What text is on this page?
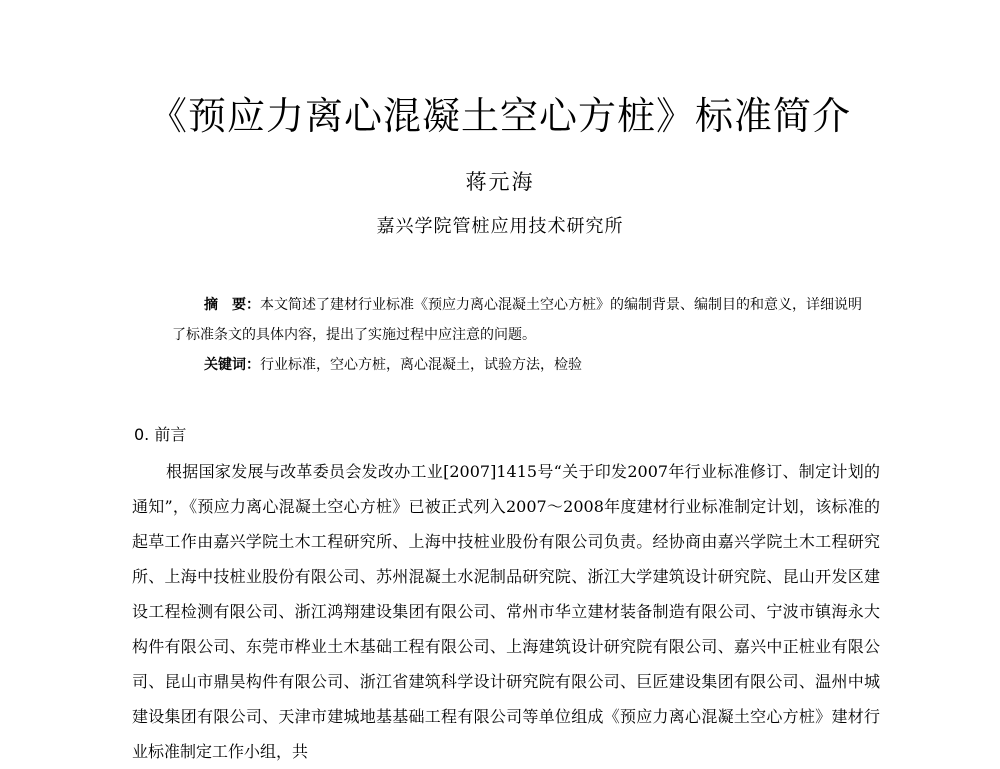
《预应力离心混凝土空心方桩》标准简介
蒋元海
嘉兴学院管桩应用技术研究所

摘　要：本文简述了建材行业标准《预应力离心混凝土空心方桩》的编制背景、编制目的和意义，详细说明了标准条文的具体内容，提出了实施过程中应注意的问题。

关键词：行业标准，空心方桩，离心混凝土，试验方法，检验

0. 前言

根据国家发展与改革委员会发改办工业[2007]1415号“关于印发2007年行业标准修订、制定计划的通知”，《预应力离心混凝土空心方桩》已被正式列入2007～2008年度建材行业标准制定计划，该标准的起草工作由嘉兴学院土木工程研究所、上海中技桩业股份有限公司负责。经协商由嘉兴学院土木工程研究所、上海中技桩业股份有限公司、苏州混凝土水泥制品研究院、浙江大学建筑设计研究院、昆山开发区建设工程检测有限公司、浙江鸿翔建设集团有限公司、常州市华立建材装备制造有限公司、宁波市镇海永大构件有限公司、东莞市桦业土木基础工程有限公司、上海建筑设计研究院有限公司、嘉兴中正桩业有限公司、昆山市鼎昊构件有限公司、浙江省建筑科学设计研究院有限公司、巨匠建设集团有限公司、温州中城建设集团有限公司、天津市建城地基基础工程有限公司等单位组成《预应力离心混凝土空心方桩》建材行业标准制定工作小组，共
